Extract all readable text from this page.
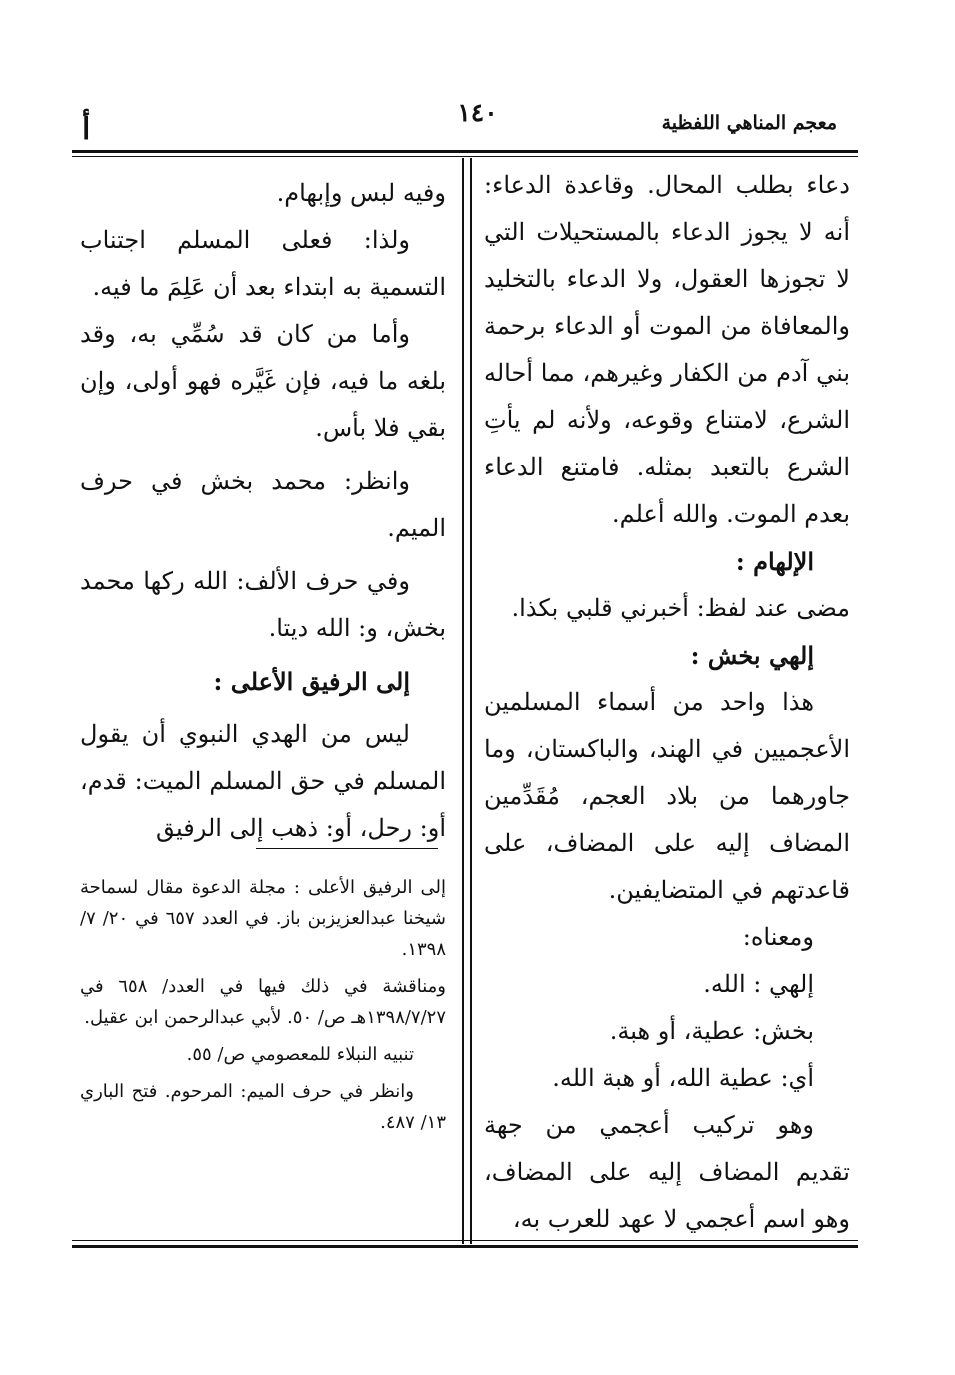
معجم المناهي اللفظية
١٤٠
أ

دعاء بطلب المحال. وقاعدة الدعاء: أنه لا يجوز الدعاء بالمستحيلات التي لا تجوزها العقول، ولا الدعاء بالتخليد والمعافاة من الموت أو الدعاء برحمة بني آدم من الكفار وغيرهم، مما أحاله الشرع، لامتناع وقوعه، ولأنه لم يأتِ الشرع بالتعبد بمثله. فامتنع الدعاء بعدم الموت. والله أعلم.

الإلهام :

مضى عند لفظ: أخبرني قلبي بكذا.

إلهي بخش :

هذا واحد من أسماء المسلمين الأعجميين في الهند، والباكستان، وما جاورهما من بلاد العجم، مُقَدِّمين المضاف إليه على المضاف، على قاعدتهم في المتضايفين.

ومعناه:

إلهي : الله.

بخش: عطية، أو هبة.

أي: عطية الله، أو هبة الله.

وهو تركيب أعجمي من جهة تقديم المضاف إليه على المضاف، وهو اسم أعجمي لا عهد للعرب به،

وفيه لبس وإبهام.

ولذا: فعلى المسلم اجتناب التسمية به ابتداء بعد أن عَلِمَ ما فيه.

وأما من كان قد سُمِّي به، وقد بلغه ما فيه، فإن غَيَّره فهو أولى، وإن بقي فلا بأس.

وانظر: محمد بخش في حرف الميم.

وفي حرف الألف: الله ركها محمد بخش، و: الله ديتا.

إلى الرفيق الأعلى :

ليس من الهدي النبوي أن يقول المسلم في حق المسلم الميت: قدم، أو: رحل، أو: ذهب إلى الرفيق

إلى الرفيق الأعلى : مجلة الدعوة مقال لسماحة شيخنا عبدالعزيزبن باز. في العدد ٦٥٧ في ٢٠/ ٧/ ١٣٩٨.

ومناقشة في ذلك فيها في العدد/ ٦٥٨ في ١٣٩٨/٧/٢٧هـ ص/ ٥٠. لأبي عبدالرحمن ابن عقيل.

تنبيه النبلاء للمعصومي ص/ ٥٥.

وانظر في حرف الميم: المرحوم. فتح الباري ١٣/ ٤٨٧.
